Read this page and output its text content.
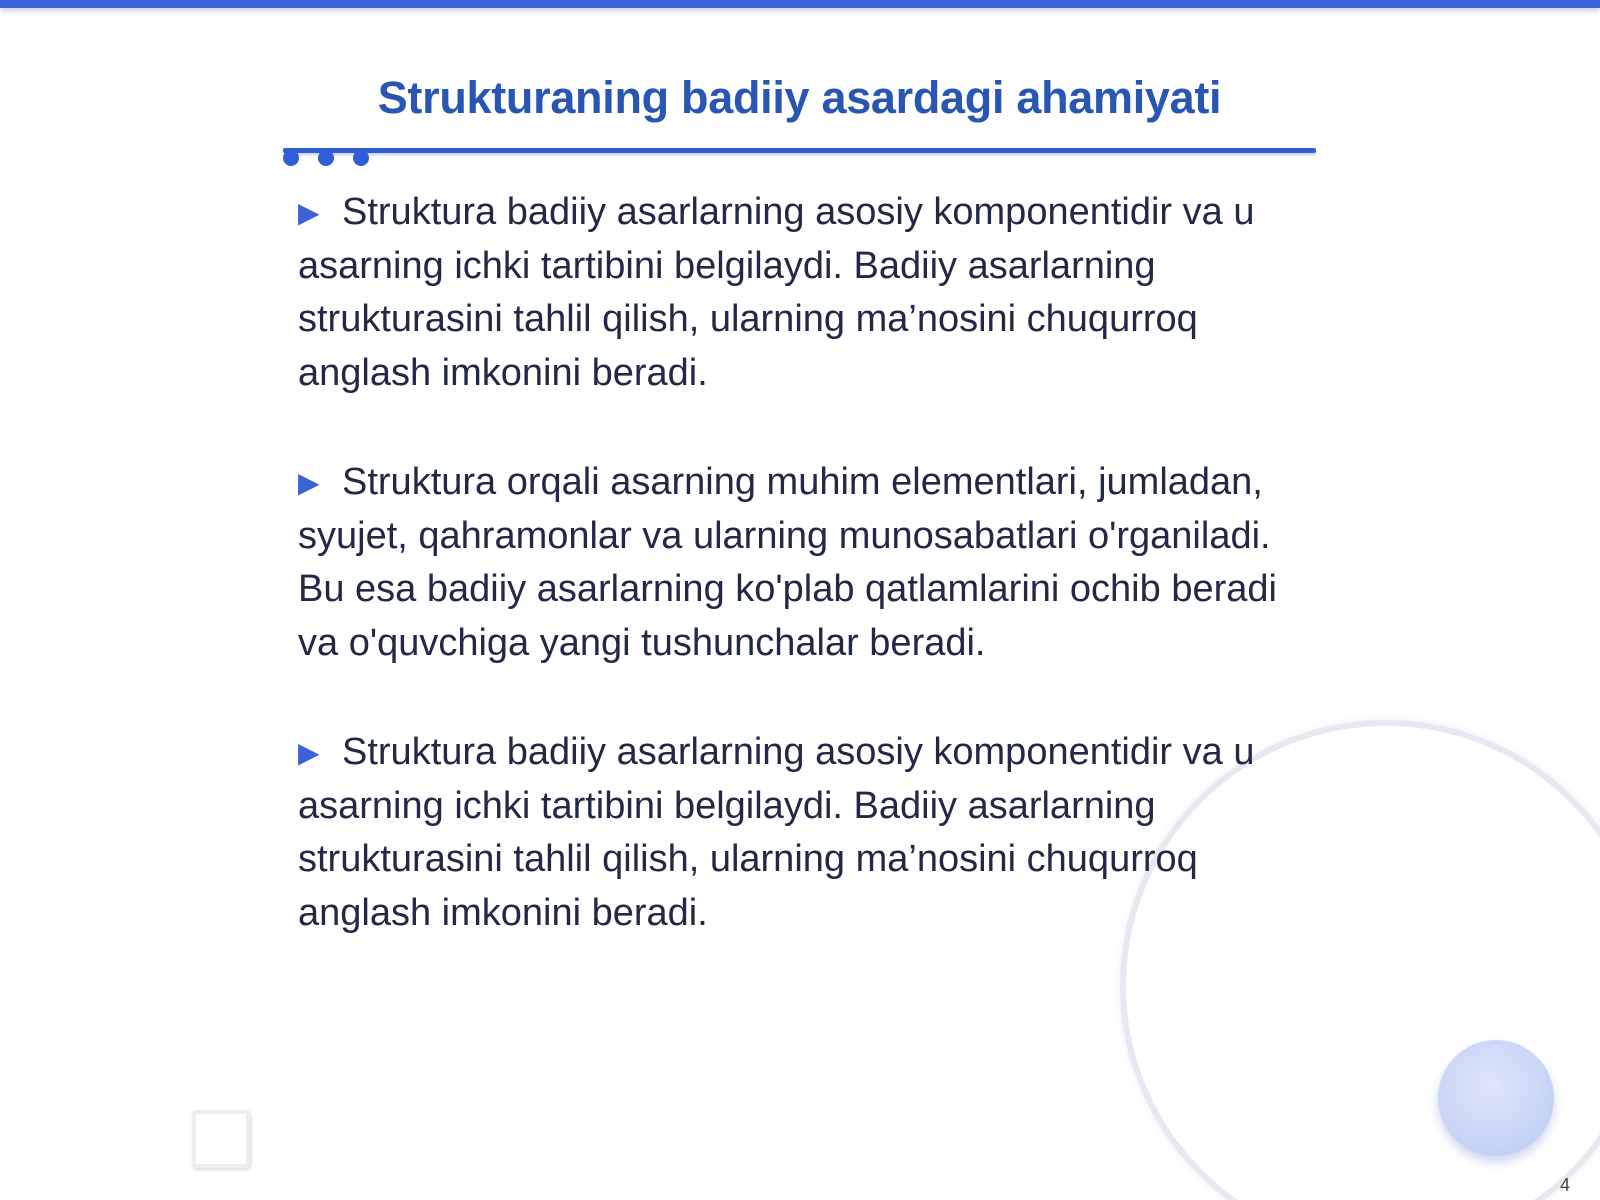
Strukturaning badiiy asardagi ahamiyati
▶ Struktura badiiy asarlarning asosiy komponentidir va u asarning ichki tartibini belgilaydi. Badiiy asarlarning strukturasini tahlil qilish, ularning ma’nosini chuqurroq anglash imkonini beradi.
▶ Struktura orqali asarning muhim elementlari, jumladan, syujet, qahramonlar va ularning munosabatlari o'rganiladi. Bu esa badiiy asarlarning ko'plab qatlamlarini ochib beradi va o'quvchiga yangi tushunchalar beradi.
▶ Struktura badiiy asarlarning asosiy komponentidir va u asarning ichki tartibini belgilaydi. Badiiy asarlarning strukturasini tahlil qilish, ularning ma’nosini chuqurroq anglash imkonini beradi.
4
